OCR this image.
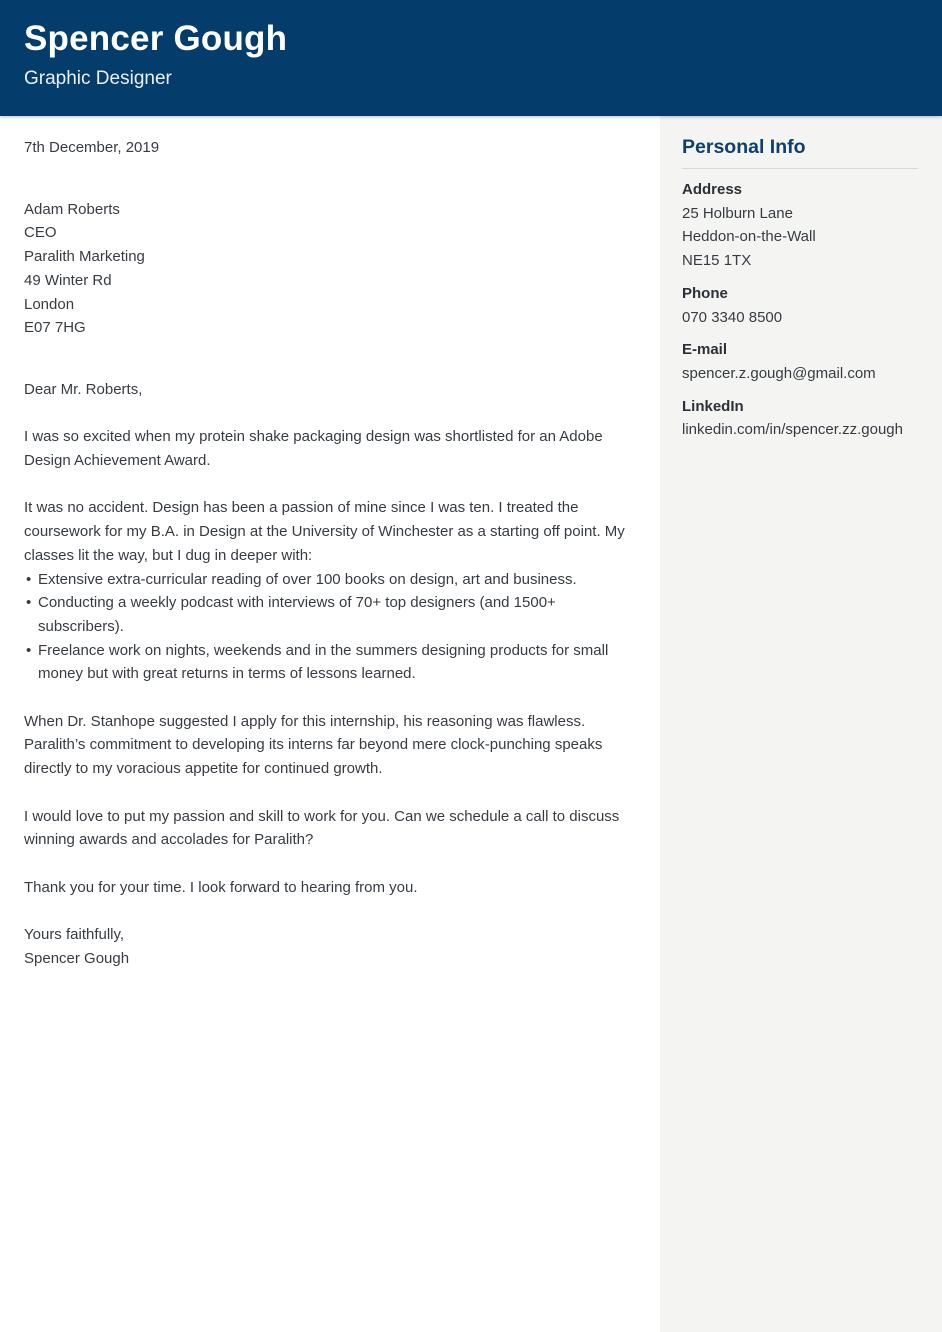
Spencer Gough
Graphic Designer
7th December, 2019
Adam Roberts
CEO
Paralith Marketing
49 Winter Rd
London
E07 7HG

Dear Mr. Roberts,

I was so excited when my protein shake packaging design was shortlisted for an Adobe Design Achievement Award.

It was no accident. Design has been a passion of mine since I was ten. I treated the coursework for my B.A. in Design at the University of Winchester as a starting off point. My classes lit the way, but I dug in deeper with:

• Extensive extra-curricular reading of over 100 books on design, art and business.
• Conducting a weekly podcast with interviews of 70+ top designers (and 1500+ subscribers).
• Freelance work on nights, weekends and in the summers designing products for small money but with great returns in terms of lessons learned.

When Dr. Stanhope suggested I apply for this internship, his reasoning was flawless. Paralith’s commitment to developing its interns far beyond mere clock-punching speaks directly to my voracious appetite for continued growth.

I would love to put my passion and skill to work for you. Can we schedule a call to discuss winning awards and accolades for Paralith?

Thank you for your time. I look forward to hearing from you.

Yours faithfully,
Spencer Gough
Personal Info
Address
25 Holburn Lane
Heddon-on-the-Wall
NE15 1TX
Phone
070 3340 8500
E-mail
spencer.z.gough@gmail.com
LinkedIn
linkedin.com/in/spencer.zz.gough
